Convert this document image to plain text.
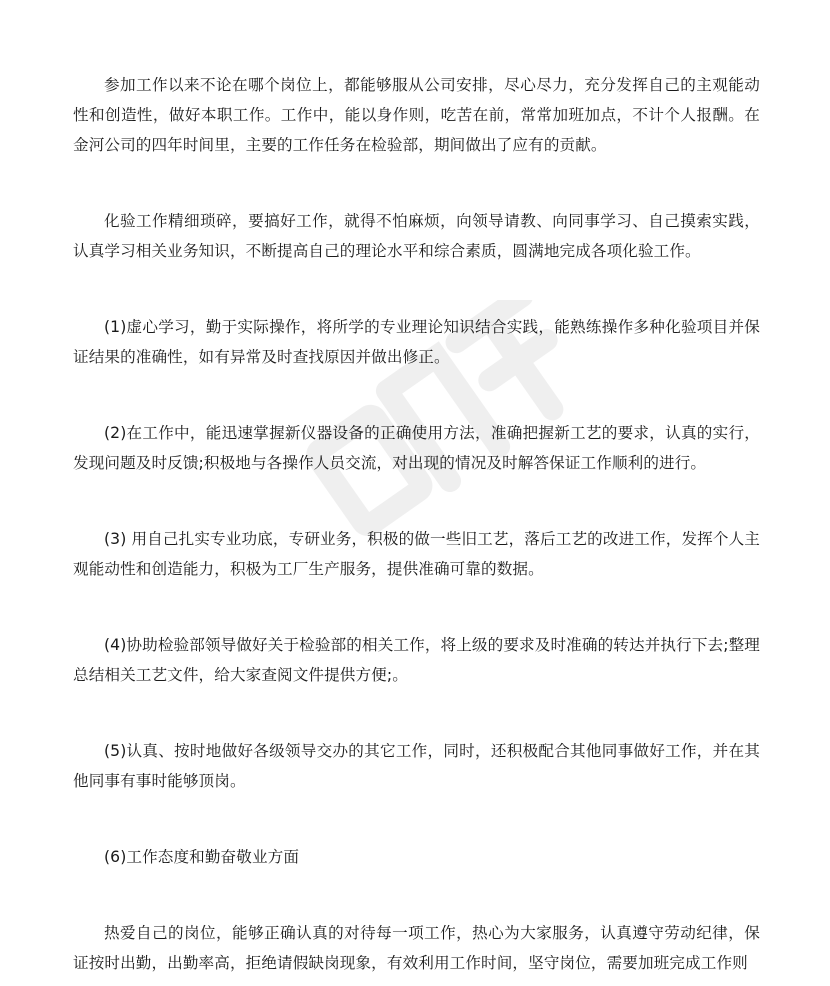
参加工作以来不论在哪个岗位上，都能够服从公司安排，尽心尽力，充分发挥自己的主观能动性和创造性，做好本职工作。工作中，能以身作则，吃苦在前，常常加班加点，不计个人报酬。在金河公司的四年时间里，主要的工作任务在检验部，期间做出了应有的贡献。

化验工作精细琐碎，要搞好工作，就得不怕麻烦，向领导请教、向同事学习、自己摸索实践，认真学习相关业务知识，不断提高自己的理论水平和综合素质，圆满地完成各项化验工作。

(1)虚心学习，勤于实际操作，将所学的专业理论知识结合实践，能熟练操作多种化验项目并保证结果的准确性，如有异常及时查找原因并做出修正。

(2)在工作中，能迅速掌握新仪器设备的正确使用方法，准确把握新工艺的要求，认真的实行，发现问题及时反馈;积极地与各操作人员交流，对出现的情况及时解答保证工作顺利的进行。

(3) 用自己扎实专业功底，专研业务，积极的做一些旧工艺，落后工艺的改进工作，发挥个人主观能动性和创造能力，积极为工厂生产服务，提供准确可靠的数据。

(4)协助检验部领导做好关于检验部的相关工作，将上级的要求及时准确的转达并执行下去;整理总结相关工艺文件，给大家查阅文件提供方便;。

(5)认真、按时地做好各级领导交办的其它工作，同时，还积极配合其他同事做好工作，并在其他同事有事时能够顶岗。

(6)工作态度和勤奋敬业方面

热爱自己的岗位，能够正确认真的对待每一项工作，热心为大家服务，认真遵守劳动纪律，保证按时出勤，出勤率高，拒绝请假缺岗现象，有效利用工作时间，坚守岗位，需要加班完成工作则
